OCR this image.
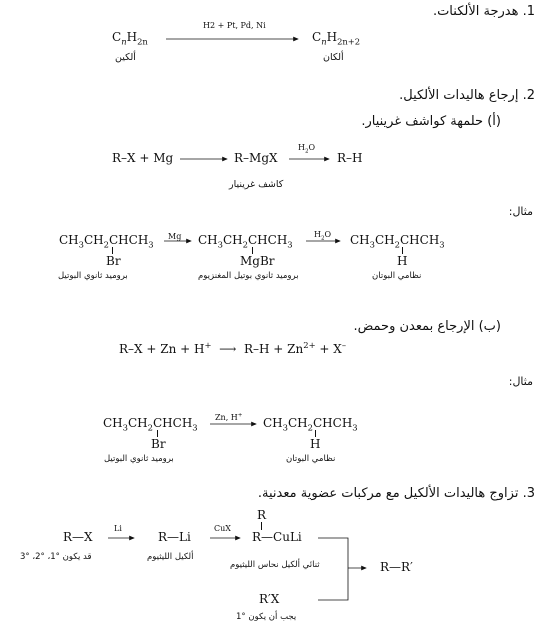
1. هدرجة الألكنات.
$C_nH_{2n}$
H2 + Pt, Pd, Ni
$C_nH_{2n+2}$
ألكين	ألكان
2. إرجاع هاليدات الألكيل.
(أ) حلمهة كواشف غرينيار.
R–X + Mg	R–MgX
$H_2O$
R–H
كاشف غرينيار
مثال:
$CH_3CH_2CHCH_3$
Br
Mg $CH_3CH_2CHCH_3$
MgBr
$H_2O$ $CH_3CH_2CHCH_3$
H
بروميد ثانوي البوتيل	بروميد ثانوي بوتيل المغنزيوم	نظامي البوتان
(ب) الإرجاع بمعدن وحمض.
R–X + Zn + H+  ⟶  $R-H + Zn^{2+} + X^-$
مثال:
$CH_3CH_2CHCH_3$
Br
Zn, H+
$CH_3CH_2CHCH_3$
H
بروميد ثانوي البوتيل	نظامي البوتان
3. تزاوج هاليدات الألكيل مع مركبات عضوية معدنية.
R—X
Li
R—Li
CuX
R
R—CuLi
R—R′
قد يكون °1، °2، °3	ألكيل الليثيوم
ثنائي ألكيل نحاس الليثيوم
R′X
يجب أن يكون °1
